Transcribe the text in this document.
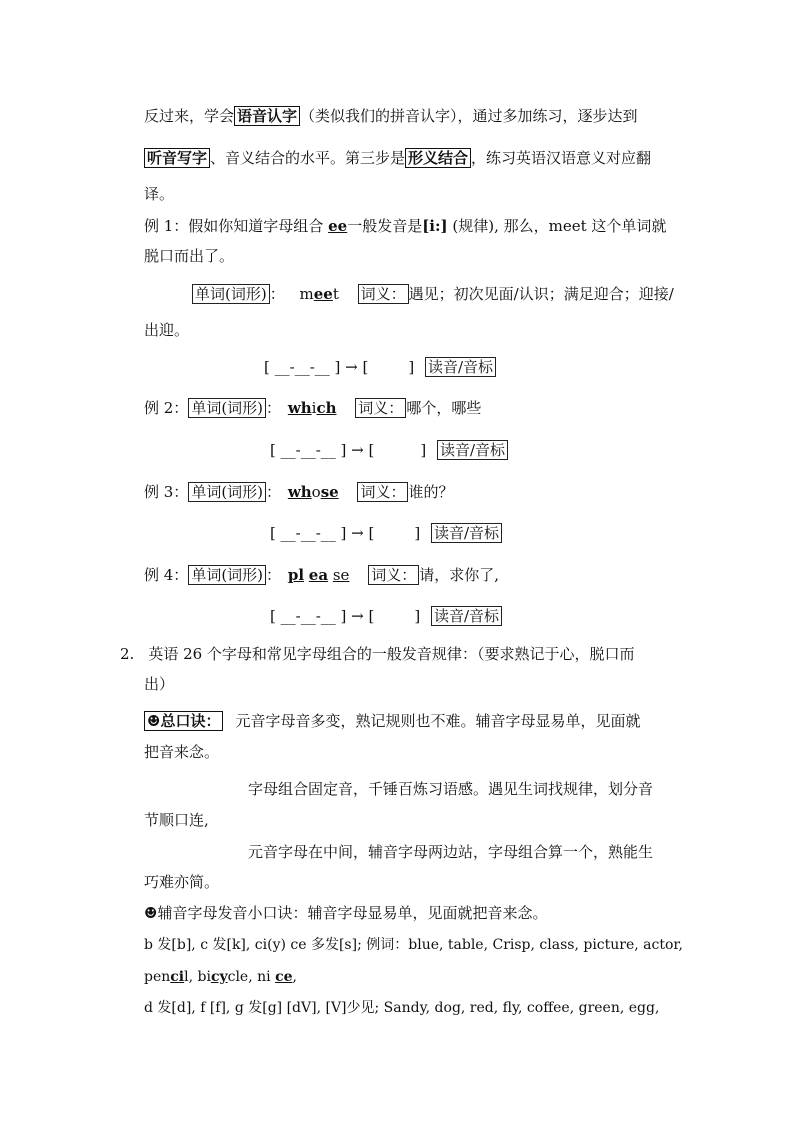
反过来，学会 语音认字 （类似我们的拼音认字），通过多加练习，逐步达到
听音写字 、音义结合的水平。第三步是 形义结合 ，练习英语汉语意义对应翻
译。
例 1：假如你知道字母组合 ee一般发音是[i:] (规律), 那么，meet 这个单词就
脱口而出了。
单词(词形) ： meet 词义： 遇见；初次见面/认识；满足迎合；迎接/
出迎。
[ __-__-__ ] → [	] 读音/音标
例 2： 单词(词形) ： which 词义： 哪个，哪些
[ __-__-__ ] → [	] 读音/音标
例 3： 单词(词形) ： whose 词义： 谁的？
[ __-__-__ ] → [	] 读音/音标
例 4： 单词(词形) ： pl ea se 词义： 请，求你了,
[ __-__-__ ] → [	] 读音/音标
2. 英语 26 个字母和常见字母组合的一般发音规律：（要求熟记于心，脱口而
出）
☻总口诀： 元音字母音多变，熟记规则也不难。辅音字母显易单，见面就
把音来念。
字母组合固定音，千锤百炼习语感。遇见生词找规律，划分音
节顺口连,
元音字母在中间，辅音字母两边站，字母组合算一个，熟能生
巧难亦简。
☻辅音字母发音小口诀：辅音字母显易单，见面就把音来念。
b 发[b], c 发[k], ci(y) ce 多发[s]; 例词：blue, table, Crisp, class, picture, actor,
pencil, bicycle, ni ce,
d 发[d], f [f], g 发[g] [dV], [V]少见; Sandy, dog, red, fly, coffee, green, egg,
